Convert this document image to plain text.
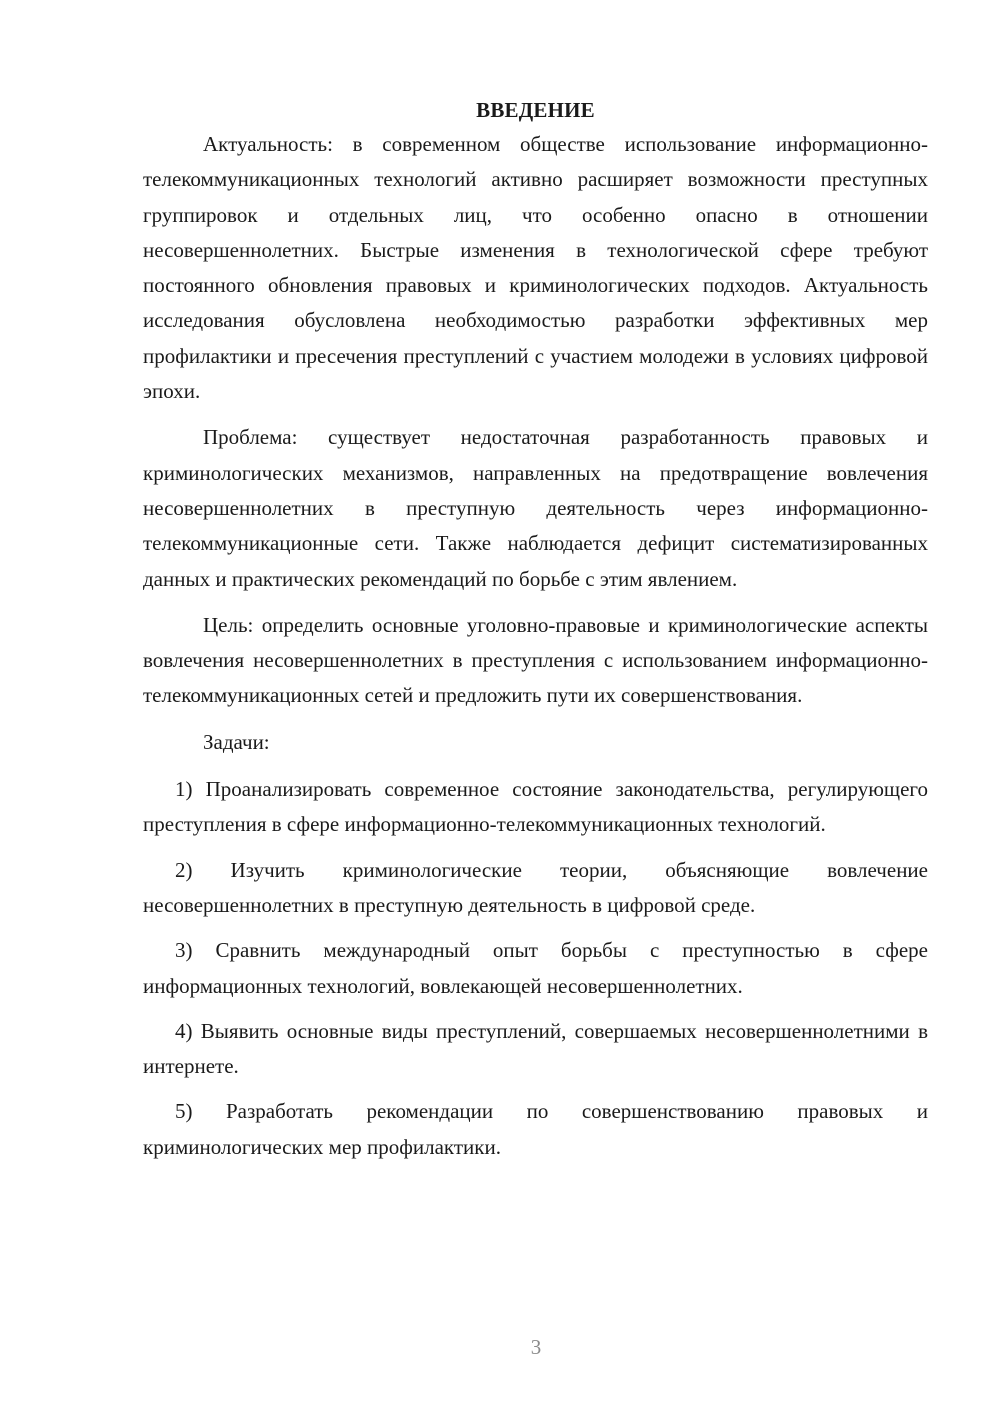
ВВЕДЕНИЕ

Актуальность: в современном обществе использование информационно-телекоммуникационных технологий активно расширяет возможности преступных группировок и отдельных лиц, что особенно опасно в отношении несовершеннолетних. Быстрые изменения в технологической сфере требуют постоянного обновления правовых и криминологических подходов. Актуальность исследования обусловлена необходимостью разработки эффективных мер профилактики и пресечения преступлений с участием молодежи в условиях цифровой эпохи.

Проблема: существует недостаточная разработанность правовых и криминологических механизмов, направленных на предотвращение вовлечения несовершеннолетних в преступную деятельность через информационно-телекоммуникационные сети. Также наблюдается дефицит систематизированных данных и практических рекомендаций по борьбе с этим явлением.

Цель: определить основные уголовно-правовые и криминологические аспекты вовлечения несовершеннолетних в преступления с использованием информационно-телекоммуникационных сетей и предложить пути их совершенствования.

Задачи:

1) Проанализировать современное состояние законодательства, регулирующего преступления в сфере информационно-телекоммуникационных технологий.

2) Изучить криминологические теории, объясняющие вовлечение несовершеннолетних в преступную деятельность в цифровой среде.

3) Сравнить международный опыт борьбы с преступностью в сфере информационных технологий, вовлекающей несовершеннолетних.

4) Выявить основные виды преступлений, совершаемых несовершеннолетними в интернете.

5) Разработать рекомендации по совершенствованию правовых и криминологических мер профилактики.

3
